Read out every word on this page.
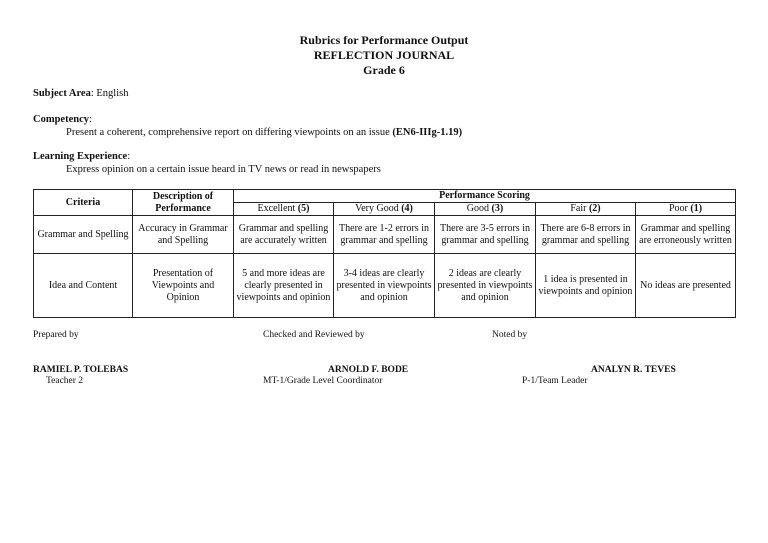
Rubrics for Performance Output
REFLECTION JOURNAL
Grade 6
Subject Area: English
Competency:
Present a coherent, comprehensive report on differing viewpoints on an issue (EN6-IIIg-1.19)
Learning Experience:
Express opinion on a certain issue heard in TV news or read in newspapers
Criteria	Description of Performance	Performance Scoring				
		Excellent (5)	Very Good (4)	Good (3)	Fair (2)	Poor (1)
Grammar and Spelling	Accuracy in Grammar and Spelling	Grammar and spelling are accurately written	There are 1-2 errors in grammar and spelling	There are 3-5 errors in grammar and spelling	There are 6-8 errors in grammar and spelling	Grammar and spelling are erroneously written
Idea and Content	Presentation of Viewpoints and Opinion	5 and more ideas are clearly presented in viewpoints and opinion	3-4 ideas are clearly presented in viewpoints and opinion	2 ideas are clearly presented in viewpoints and opinion	1 idea is presented in viewpoints and opinion	No ideas are presented
Prepared by	Checked and Reviewed by	Noted by
RAMIEL P. TOLEBAS	ARNOLD F. BODE	ANALYN R. TEVES
Teacher 2	MT-1/Grade Level Coordinator	P-1/Team Leader
